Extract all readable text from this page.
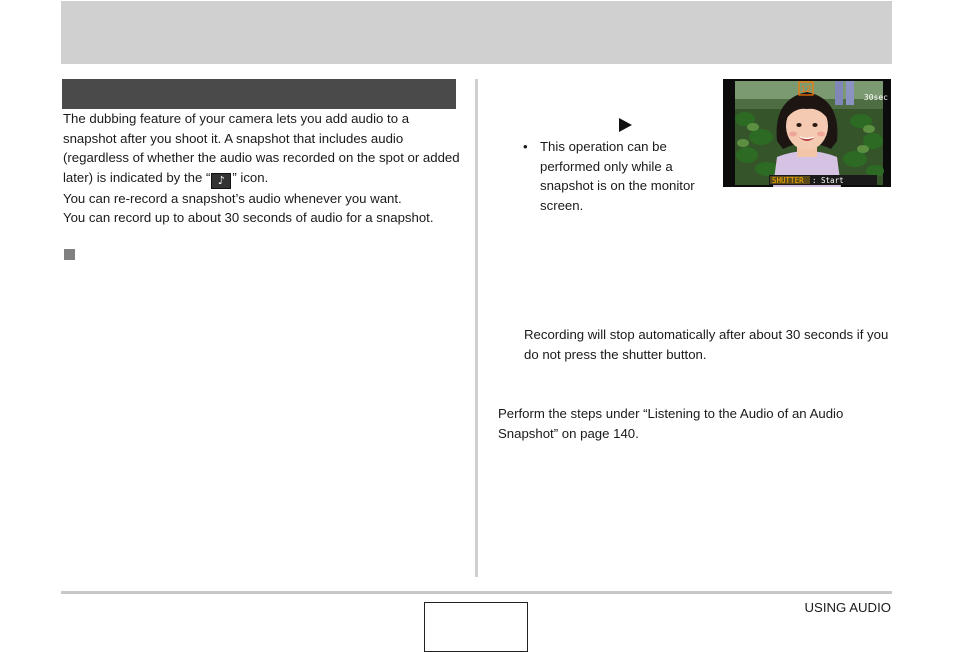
The dubbing feature of your camera lets you add audio to a snapshot after you shoot it. A snapshot that includes audio (regardless of whether the audio was recorded on the spot or added later) is indicated by the “ ♪ ” icon.

You can re-record a snapshot’s audio whenever you want.

You can record up to about 30 seconds of audio for a snapshot.

• This operation can be performed only while a snapshot is on the monitor screen.
12
30sec
SHUTTER : Start
Recording will stop automatically after about 30 seconds if you do not press the shutter button.
Perform the steps under “Listening to the Audio of an Audio Snapshot” on page 140.
USING AUDIO
